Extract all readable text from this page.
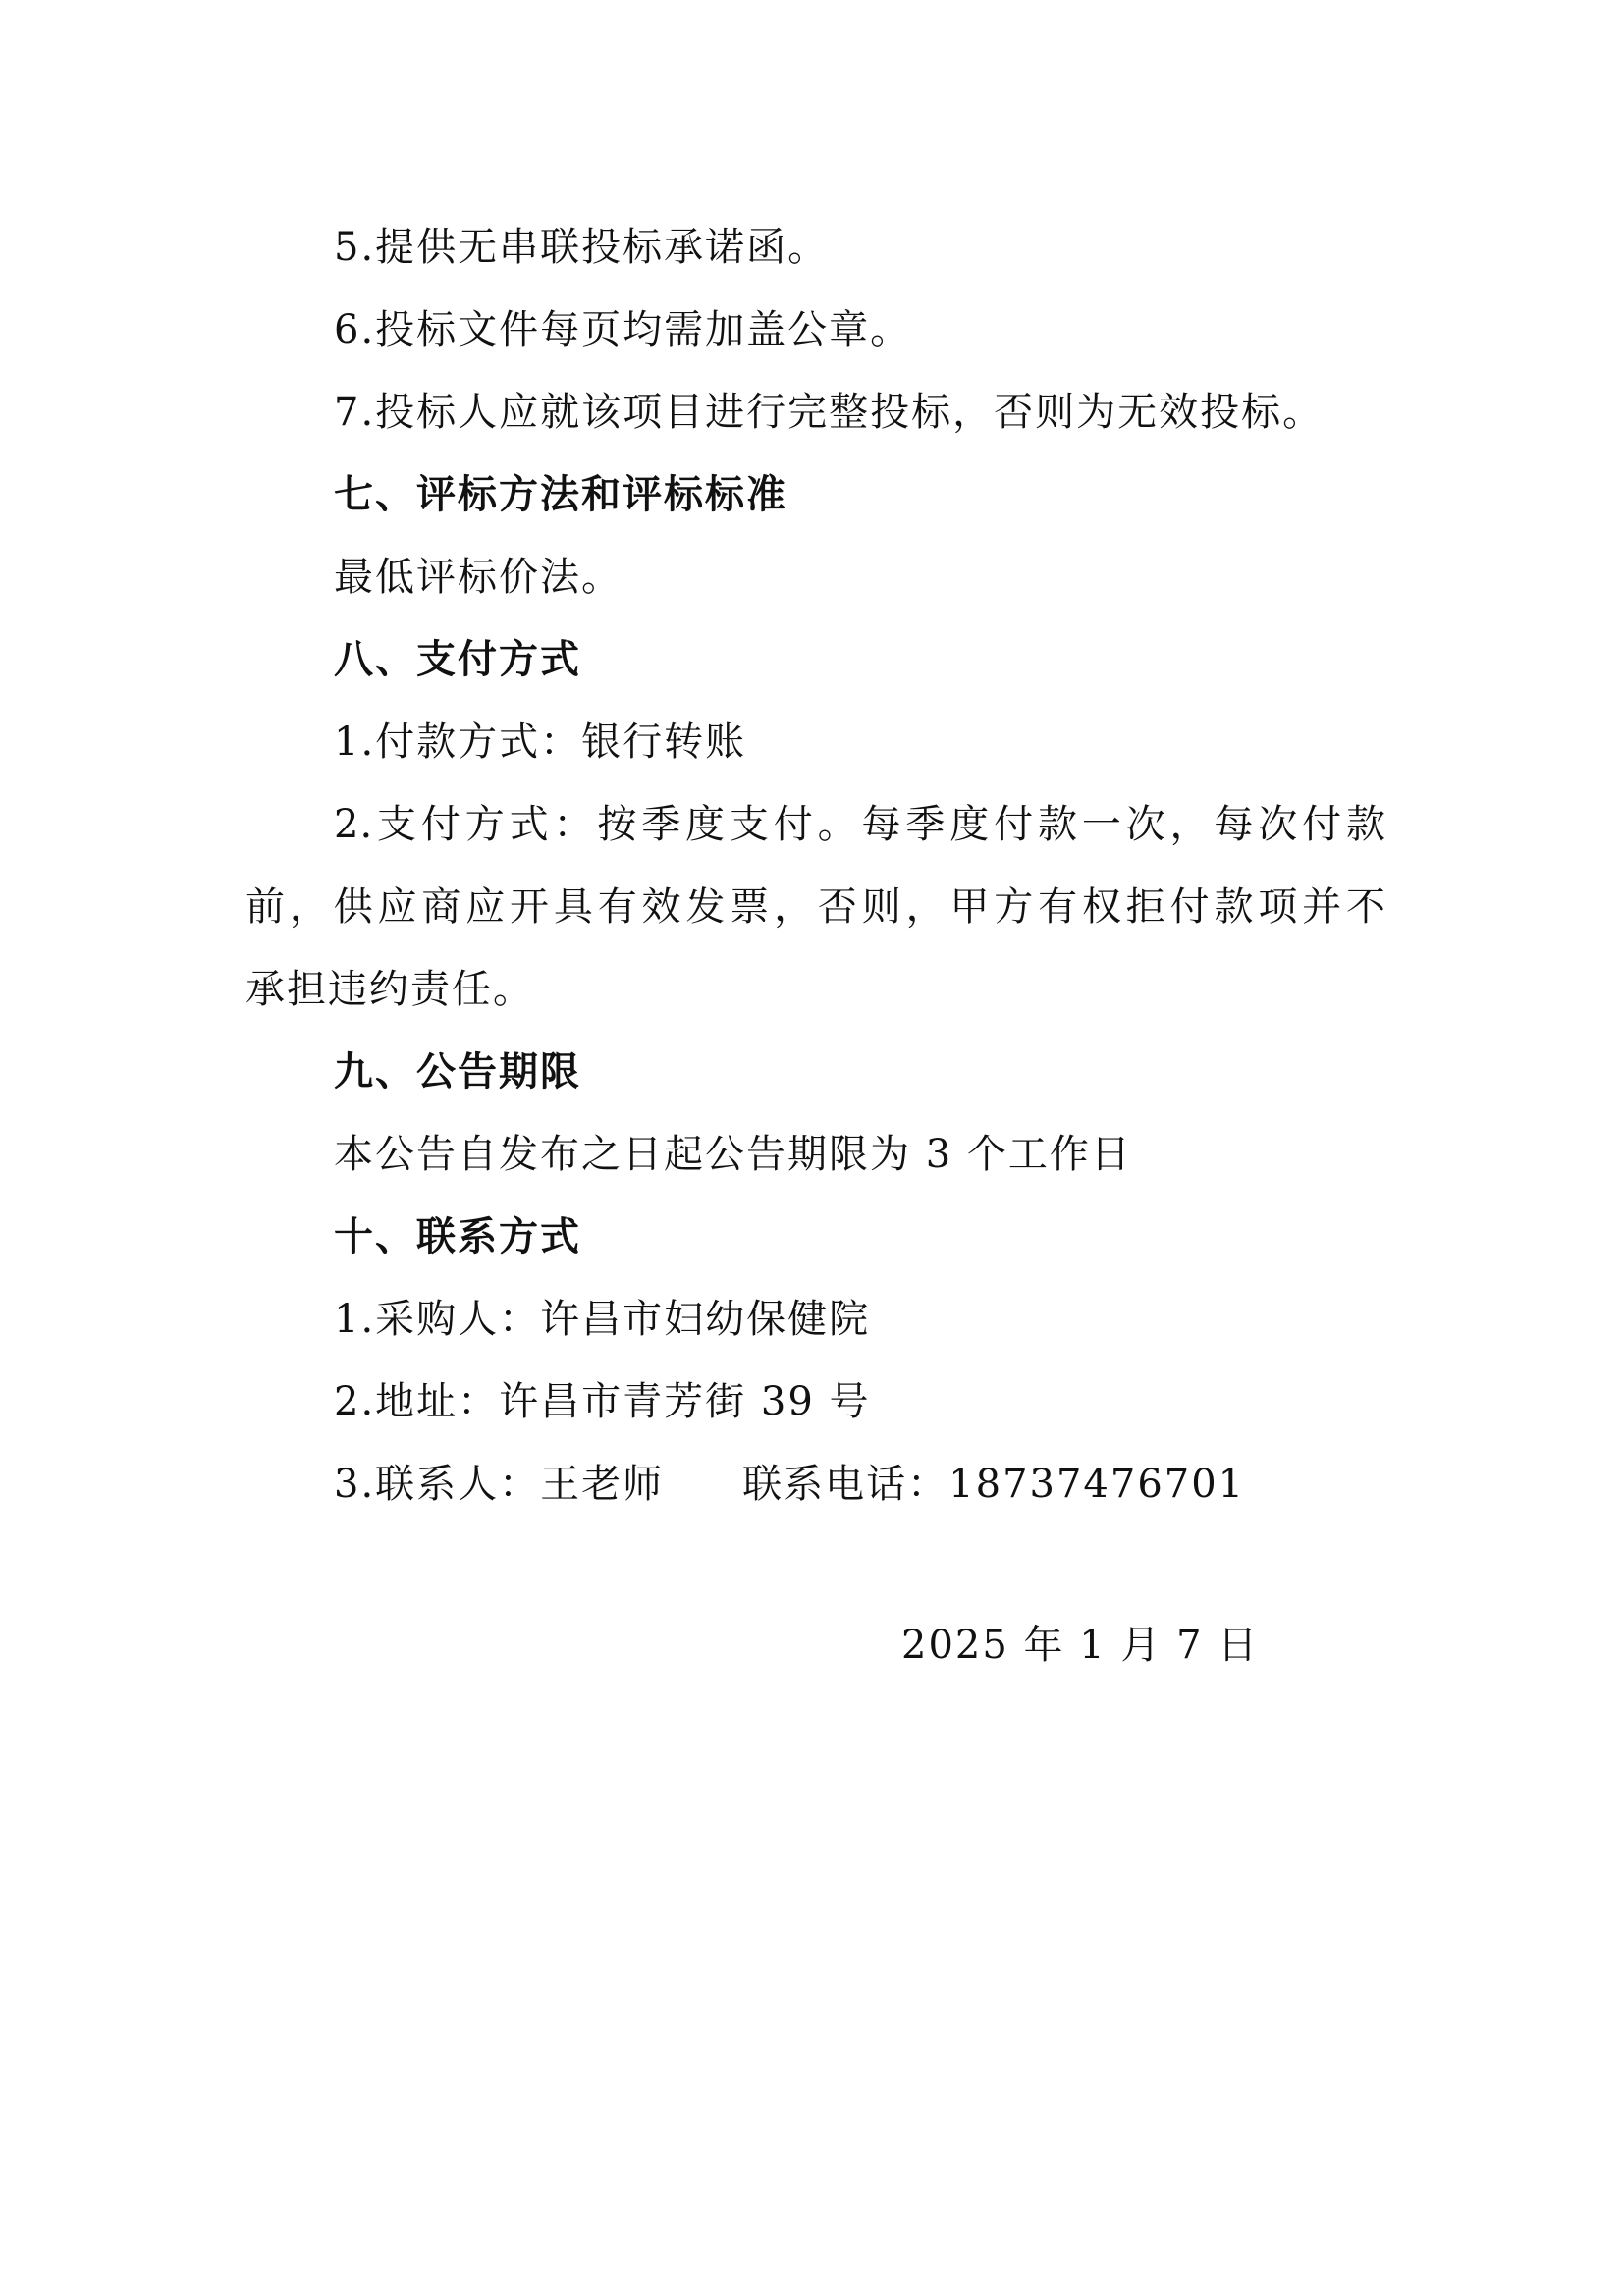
5.提供无串联投标承诺函。
6.投标文件每页均需加盖公章。
7.投标人应就该项目进行完整投标，否则为无效投标。
七、评标方法和评标标准
最低评标价法。
八、支付方式
1.付款方式：银行转账
2.支付方式：按季度支付。每季度付款一次，每次付款
前，供应商应开具有效发票，否则，甲方有权拒付款项并不
承担违约责任。
九、公告期限
本公告自发布之日起公告期限为 3 个工作日
十、联系方式
1.采购人：许昌市妇幼保健院
2.地址：许昌市青芳街 39 号
3.联系人：王老师 联系电话：18737476701
2025 年 1 月 7 日
